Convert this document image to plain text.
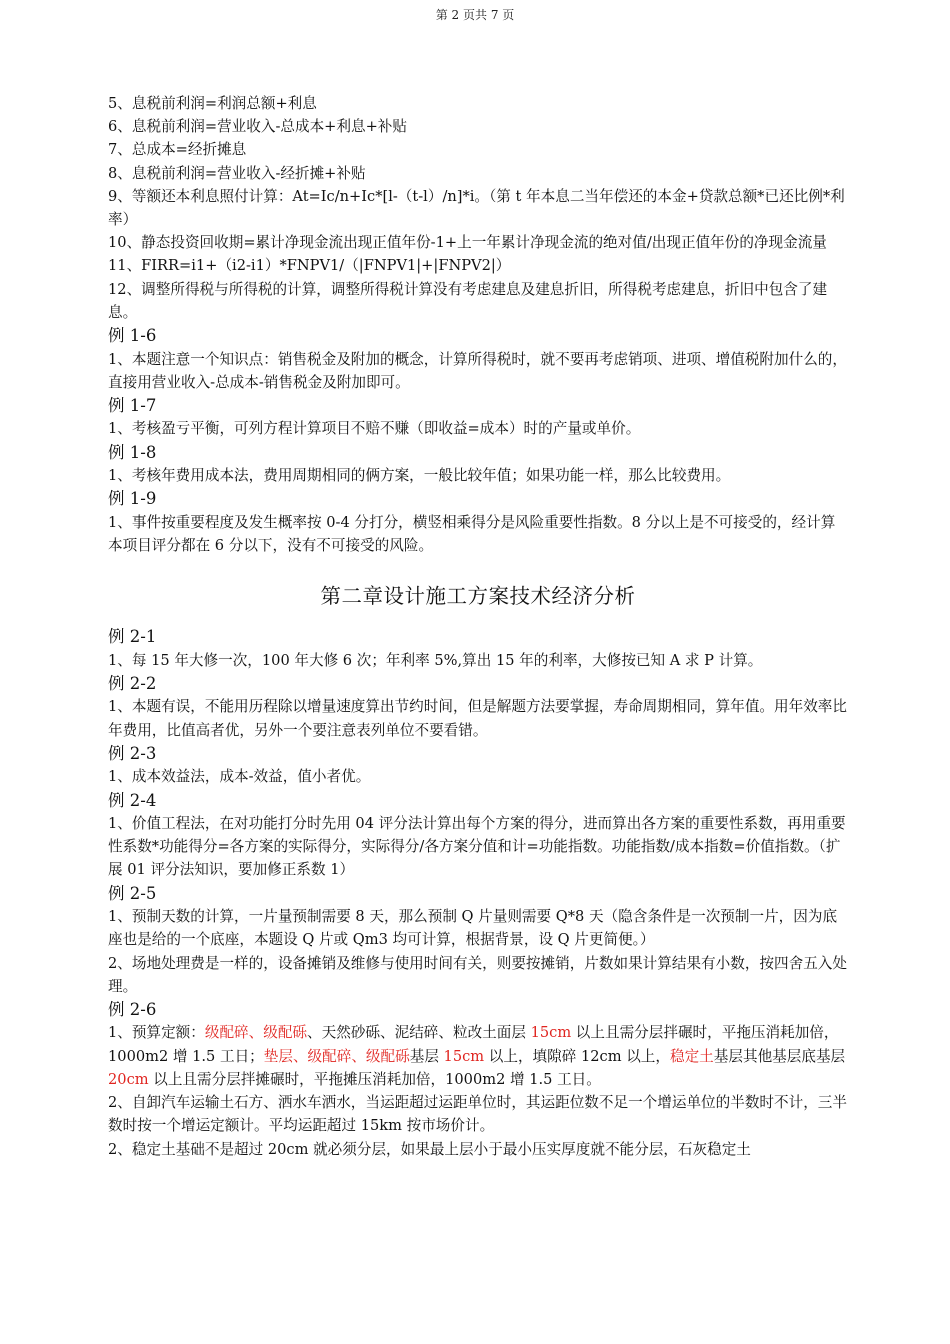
第 2 页共 7 页

5、息税前利润=利润总额+利息

6、息税前利润=营业收入-总成本+利息+补贴

7、总成本=经折摊息

8、息税前利润=营业收入-经折摊+补贴

9、等额还本利息照付计算：At=Ic/n+Ic*[l-（t-l）/n]*i。（第 t 年本息二当年偿还的本金+贷款总额*已还比例*利率）

10、静态投资回收期=累计净现金流出现正值年份-1+上一年累计净现金流的绝对值/出现正值年份的净现金流量

11、FIRR=i1+（i2-i1）*FNPV1/（|FNPV1|+|FNPV2|）

12、调整所得税与所得税的计算，调整所得税计算没有考虑建息及建息折旧，所得税考虑建息，折旧中包含了建息。

例 1-6

1、本题注意一个知识点：销售税金及附加的概念，计算所得税时，就不要再考虑销项、进项、增值税附加什么的，直接用营业收入-总成本-销售税金及附加即可。

例 1-7

1、考核盈亏平衡，可列方程计算项目不赔不赚（即收益=成本）时的产量或单价。

例 1-8

1、考核年费用成本法，费用周期相同的俩方案，一般比较年值；如果功能一样，那么比较费用。

例 1-9

1、事件按重要程度及发生概率按 0-4 分打分，横竖相乘得分是风险重要性指数。8 分以上是不可接受的，经计算本项目评分都在 6 分以下，没有不可接受的风险。

第二章设计施工方案技术经济分析

例 2-1

1、每 15 年大修一次，100 年大修 6 次；年利率 5%,算出 15 年的利率，大修按已知 A 求 P 计算。

例 2-2

1、本题有误，不能用历程除以增量速度算出节约时间，但是解题方法要掌握，寿命周期相同，算年值。用年效率比年费用，比值高者优，另外一个要注意表列单位不要看错。

例 2-3

1、成本效益法，成本-效益，值小者优。

例 2-4

1、价值工程法，在对功能打分时先用 04 评分法计算出每个方案的得分，进而算出各方案的重要性系数，再用重要性系数*功能得分=各方案的实际得分，实际得分/各方案分值和计=功能指数。功能指数/成本指数=价值指数。（扩展 01 评分法知识，要加修正系数 1）

例 2-5

1、预制天数的计算，一片量预制需要 8 天，那么预制 Q 片量则需要 Q*8 天（隐含条件是一次预制一片，因为底座也是给的一个底座，本题设 Q 片或 Qm3 均可计算，根据背景，设 Q 片更简便。）

2、场地处理费是一样的，设备摊销及维修与使用时间有关，则要按摊销，片数如果计算结果有小数，按四舍五入处理。

例 2-6

1、预算定额：级配碎、级配砾、天然砂砾、泥结碎、粒改土面层 15cm 以上且需分层拌碾时，平拖压消耗加倍，1000m2 增 1.5 工日；垫层、级配碎、级配砾基层 15cm 以上，填隙碎 12cm 以上，稳定土基层其他基层底基层 20cm 以上且需分层拌摊碾时，平拖摊压消耗加倍，1000m2 增 1.5 工日。

2、自卸汽车运输土石方、洒水车洒水，当运距超过运距单位时，其运距位数不足一个增运单位的半数时不计，三半数时按一个增运定额计。平均运距超过 15km 按市场价计。

2、稳定土基础不是超过 20cm 就必须分层，如果最上层小于最小压实厚度就不能分层，石灰稳定土
